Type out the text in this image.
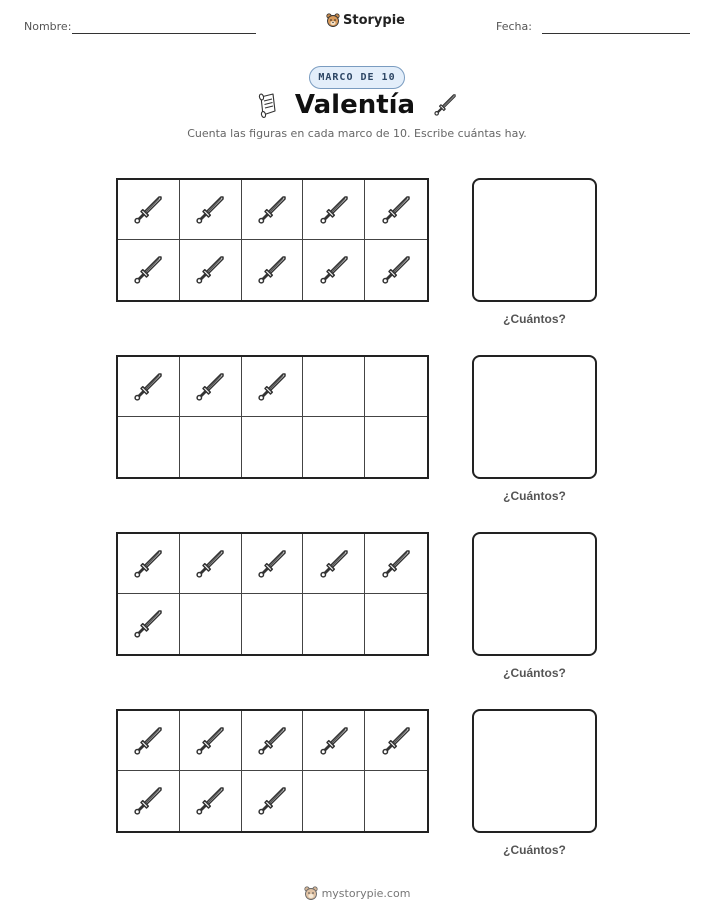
Nombre:	Storypie	Fecha:
MARCO DE 10
Valentía
Cuenta las figuras en cada marco de 10. Escribe cuántas hay.
¿Cuántos?
¿Cuántos?
¿Cuántos?
¿Cuántos?
mystorypie.com
